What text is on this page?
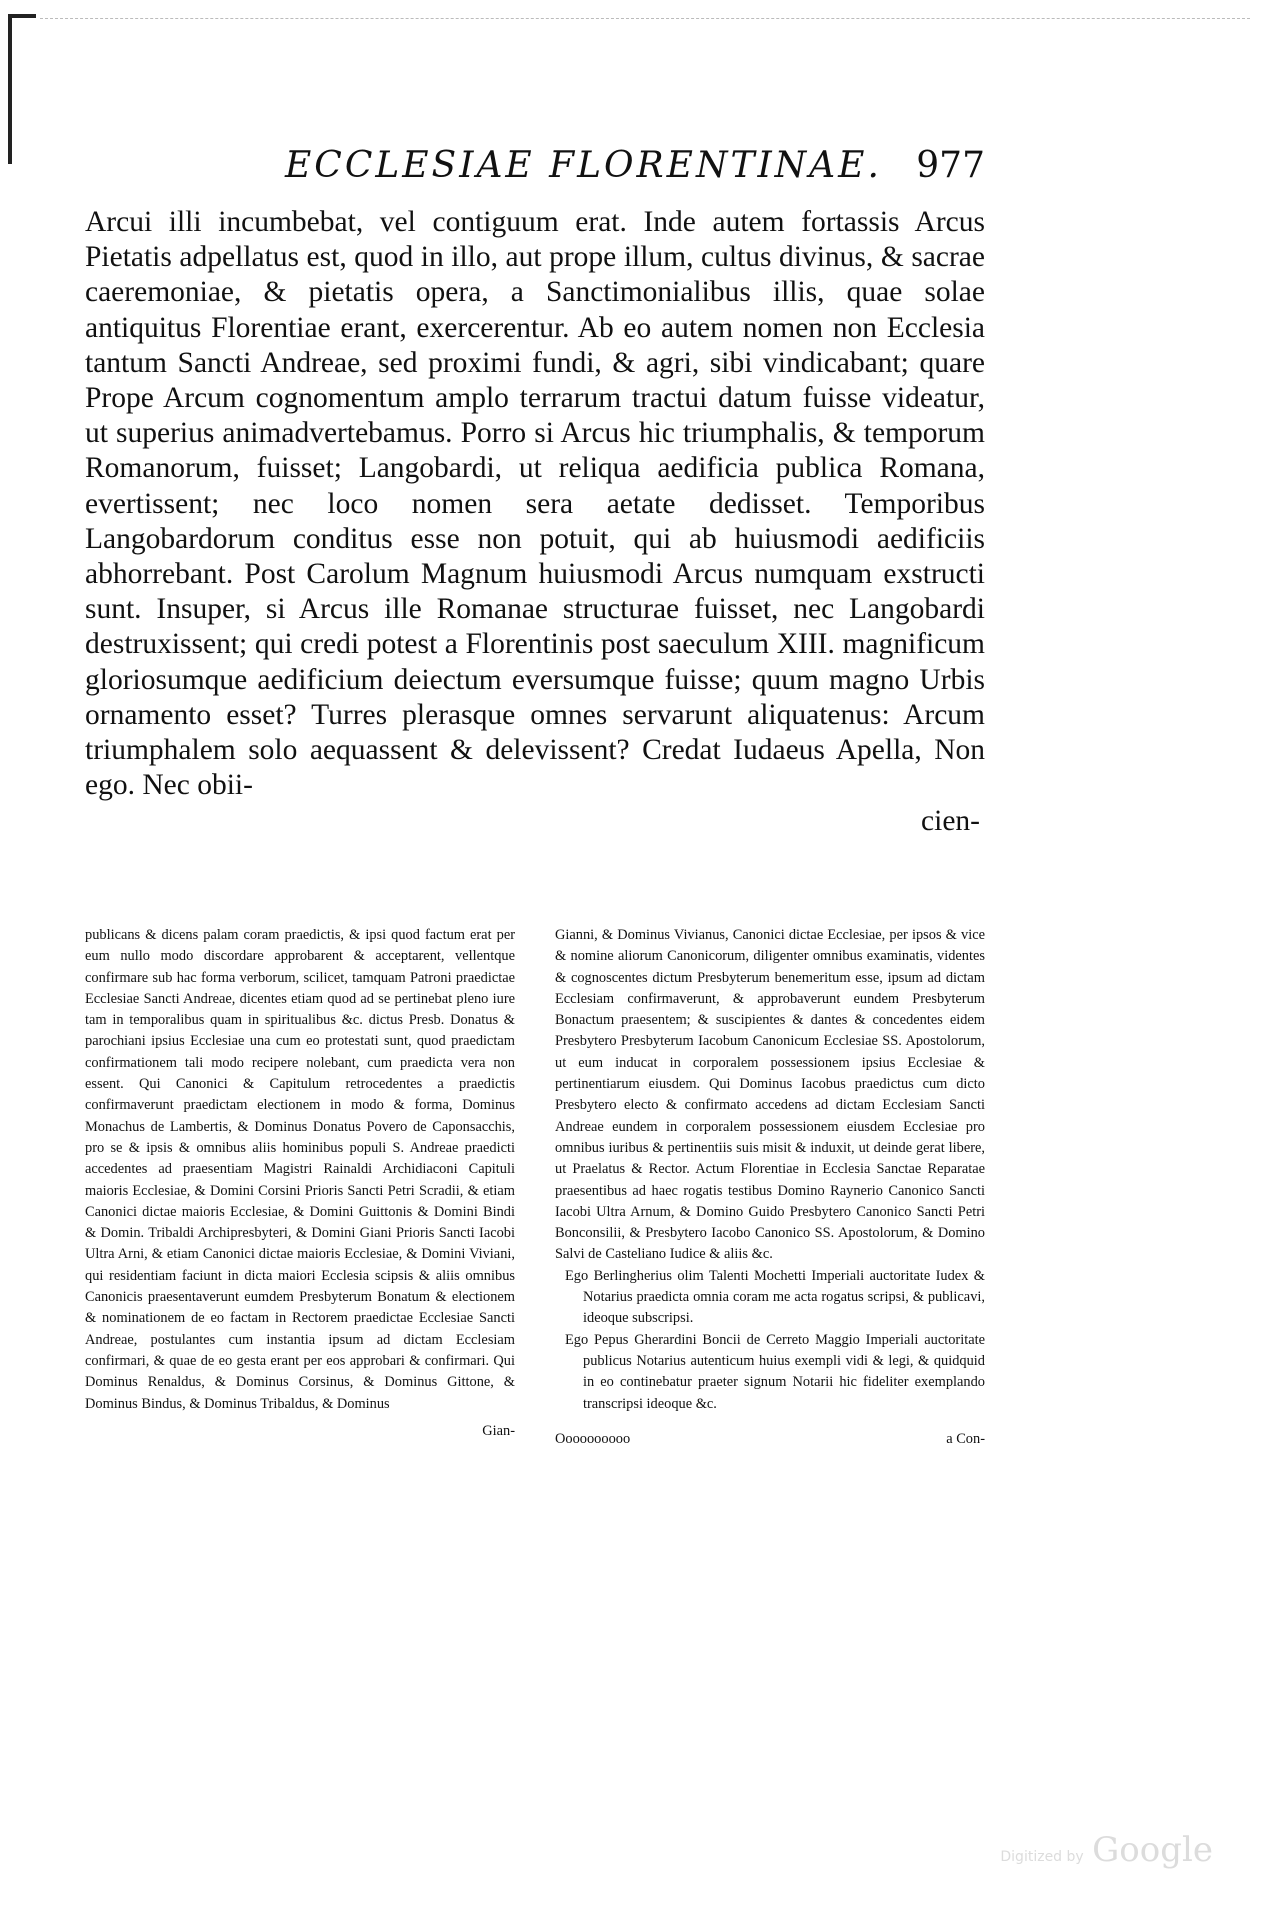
ECCLESIAE FLORENTINAE. 977

Arcui illi incumbebat, vel contiguum erat. Inde autem fortassis Arcus Pietatis adpellatus est, quod in illo, aut prope illum, cultus divinus, & sacrae caeremoniae, & pietatis opera, a Sanctimonialibus illis, quae solae antiquitus Florentiae erant, exercerentur. Ab eo autem nomen non Ecclesia tantum Sancti Andreae, sed proximi fundi, & agri, sibi vindicabant; quare Prope Arcum cognomentum amplo terrarum tractui datum fuisse videatur, ut superius animadvertebamus. Porro si Arcus hic triumphalis, & temporum Romanorum, fuisset; Langobardi, ut reliqua aedificia publica Romana, evertissent; nec loco nomen sera aetate dedisset. Temporibus Langobardorum conditus esse non potuit, qui ab huiusmodi aedificiis abhorrebant. Post Carolum Magnum huiusmodi Arcus numquam exstructi sunt. Insuper, si Arcus ille Romanae structurae fuisset, nec Langobardi destruxissent; qui credi potest a Florentinis post saeculum XIII. magnificum gloriosumque aedificium deiectum eversumque fuisse; quum magno Urbis ornamento esset? Turres plerasque omnes servarunt aliquatenus: Arcum triumphalem solo aequassent & delevissent? Credat Iudaeus Apella, Non ego. Nec obii-

cien-

publicans & dicens palam coram praedictis, & ipsi quod factum erat per eum nullo modo discordare approbarent & acceptarent, vellentque confirmare sub hac forma verborum, scilicet, tamquam Patroni praedictae Ecclesiae Sancti Andreae, dicentes etiam quod ad se pertinebat pleno iure tam in temporalibus quam in spiritualibus &c. dictus Presb. Donatus & parochiani ipsius Ecclesiae una cum eo protestati sunt, quod praedictam confirmationem tali modo recipere nolebant, cum praedicta vera non essent. Qui Canonici & Capitulum retrocedentes a praedictis confirmaverunt praedictam electionem in modo & forma, Dominus Monachus de Lambertis, & Dominus Donatus Povero de Caponsacchis, pro se & ipsis & omnibus aliis hominibus populi S. Andreae praedicti accedentes ad praesentiam Magistri Rainaldi Archidiaconi Capituli maioris Ecclesiae, & Domini Corsini Prioris Sancti Petri Scradii, & etiam Canonici dictae maioris Ecclesiae, & Domini Guittonis & Domini Bindi & Domin. Tribaldi Archipresbyteri, & Domini Giani Prioris Sancti Iacobi Ultra Arni, & etiam Canonici dictae maioris Ecclesiae, & Domini Viviani, qui residentiam faciunt in dicta maiori Ecclesia scipsis & aliis omnibus Canonicis praesentaverunt eumdem Presbyterum Bonatum & electionem & nominationem de eo factam in Rectorem praedictae Ecclesiae Sancti Andreae, postulantes cum instantia ipsum ad dictam Ecclesiam confirmari, & quae de eo gesta erant per eos approbari & confirmari. Qui Dominus Renaldus, & Dominus Corsinus, & Dominus Gittone, & Dominus Bindus, & Dominus Tribaldus, & Dominus

Gian-

Gianni, & Dominus Vivianus, Canonici dictae Ecclesiae, per ipsos & vice & nomine aliorum Canonicorum, diligenter omnibus examinatis, videntes & cognoscentes dictum Presbyterum benemeritum esse, ipsum ad dictam Ecclesiam confirmaverunt, & approbaverunt eundem Presbyterum Bonactum praesentem; & suscipientes & dantes & concedentes eidem Presbytero Presbyterum Iacobum Canonicum Ecclesiae SS. Apostolorum, ut eum inducat in corporalem possessionem ipsius Ecclesiae & pertinentiarum eiusdem. Qui Dominus Iacobus praedictus cum dicto Presbytero electo & confirmato accedens ad dictam Ecclesiam Sancti Andreae eundem in corporalem possessionem eiusdem Ecclesiae pro omnibus iuribus & pertinentiis suis misit & induxit, ut deinde gerat libere, ut Praelatus & Rector. Actum Florentiae in Ecclesia Sanctae Reparatae praesentibus ad haec rogatis testibus Domino Raynerio Canonico Sancti Iacobi Ultra Arnum, & Domino Guido Presbytero Canonico Sancti Petri Bonconsilii, & Presbytero Iacobo Canonico SS. Apostolorum, & Domino Salvi de Casteliano Iudice & aliis &c.

Ego Berlingherius olim Talenti Mochetti Imperiali auctoritate Iudex & Notarius praedicta omnia coram me acta rogatus scripsi, & publicavi, ideoque subscripsi.

Ego Pepus Gherardini Boncii de Cerreto Maggio Imperiali auctoritate publicus Notarius autenticum huius exempli vidi & legi, & quidquid in eo continebatur praeter signum Notarii hic fideliter exemplando transcripsi ideoque &c.

Oooooooooo	a Con-
Digitized by Google
